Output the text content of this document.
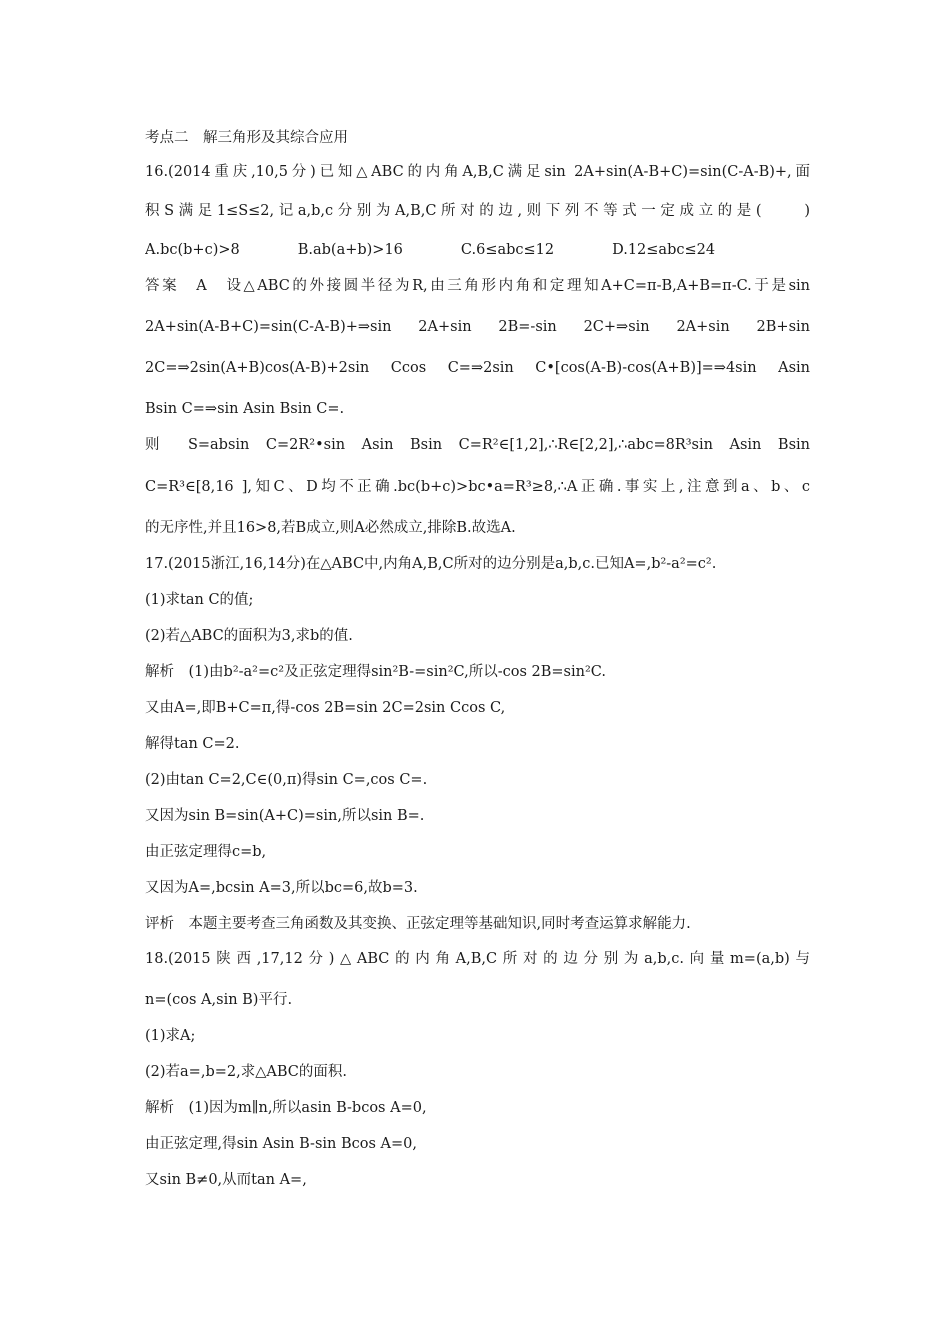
考点二　解三角形及其综合应用
16.(2014重庆,10,5分)已知△ABC的内角A,B,C满足sin 2A+sin(A-B+C)=sin(C-A-B)+,面
积S满足1≤S≤2,记a,b,c分别为A,B,C所对的边,则下列不等式一定成立的是(　　)
A.bc(b+c)>8　　　　B.ab(a+b)>16　　　　C.6≤abc≤12　　　　D.12≤abc≤24
答案　A　设△ABC的外接圆半径为R,由三角形内角和定理知A+C=π-B,A+B=π-C.于是sin
2A+sin(A-B+C)=sin(C-A-B)+⇒sin 2A+sin 2B=-sin 2C+⇒sin 2A+sin 2B+sin
2C=⇒2sin(A+B)cos(A-B)+2sin Ccos C=⇒2sin C•[cos(A-B)-cos(A+B)]=⇒4sin Asin
Bsin C=⇒sin Asin Bsin C=.
则 S=absin C=2R²•sin Asin Bsin C=R²∈[1,2],∴R∈[2,2],∴abc=8R³sin Asin Bsin
C=R³∈[8,16 ],知C、D均不正确.bc(b+c)>bc•a=R³≥8,∴A正确.事实上,注意到a、b、c
的无序性,并且16>8,若B成立,则A必然成立,排除B.故选A.
17.(2015浙江,16,14分)在△ABC中,内角A,B,C所对的边分别是a,b,c.已知A=,b²-a²=c².
(1)求tan C的值;
(2)若△ABC的面积为3,求b的值.
解析　(1)由b²-a²=c²及正弦定理得sin²B-=sin²C,所以-cos 2B=sin²C.
又由A=,即B+C=π,得-cos 2B=sin 2C=2sin Ccos C,
解得tan C=2.
(2)由tan C=2,C∈(0,π)得sin C=,cos C=.
又因为sin B=sin(A+C)=sin,所以sin B=.
由正弦定理得c=b,
又因为A=,bcsin A=3,所以bc=6,故b=3.
评析　本题主要考查三角函数及其变换、正弦定理等基础知识,同时考查运算求解能力.
18.(2015陕西,17,12分)△ABC的内角A,B,C所对的边分别为a,b,c.向量m=(a,b)与
n=(cos A,sin B)平行.
(1)求A;
(2)若a=,b=2,求△ABC的面积.
解析　(1)因为m∥n,所以asin B-bcos A=0,
由正弦定理,得sin Asin B-sin Bcos A=0,
又sin B≠0,从而tan A=,
